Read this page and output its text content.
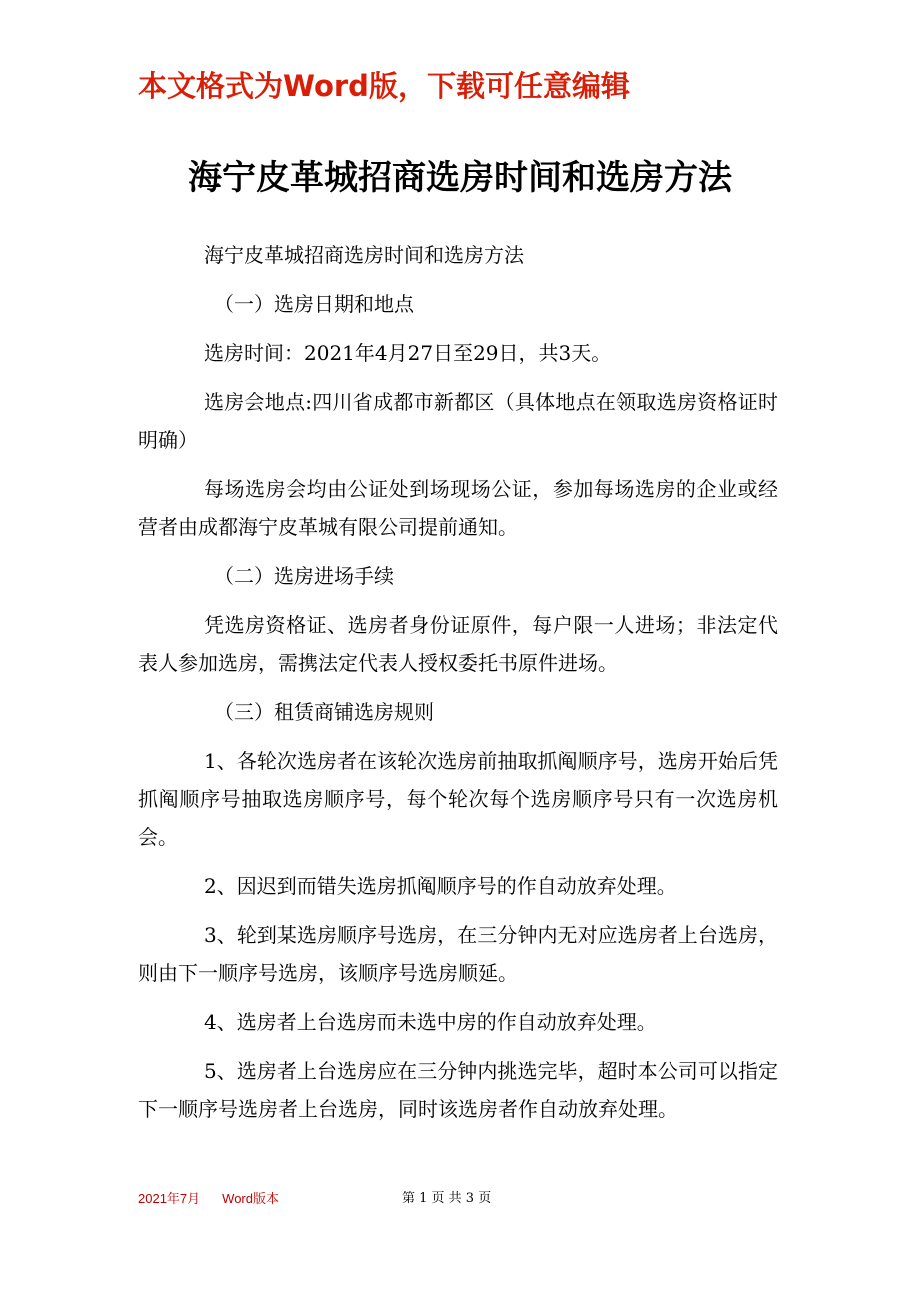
本文格式为Word版，下载可任意编辑
海宁皮革城招商选房时间和选房方法

海宁皮革城招商选房时间和选房方法

（一）选房日期和地点

选房时间：2021年4月27日至29日，共3天。

选房会地点:四川省成都市新都区（具体地点在领取选房资格证时明确）

每场选房会均由公证处到场现场公证，参加每场选房的企业或经营者由成都海宁皮革城有限公司提前通知。

（二）选房进场手续

凭选房资格证、选房者身份证原件，每户限一人进场；非法定代表人参加选房，需携法定代表人授权委托书原件进场。

（三）租赁商铺选房规则

1、各轮次选房者在该轮次选房前抽取抓阄顺序号，选房开始后凭抓阄顺序号抽取选房顺序号，每个轮次每个选房顺序号只有一次选房机会。

2、因迟到而错失选房抓阄顺序号的作自动放弃处理。

3、轮到某选房顺序号选房，在三分钟内无对应选房者上台选房，则由下一顺序号选房，该顺序号选房顺延。

4、选房者上台选房而未选中房的作自动放弃处理。

5、选房者上台选房应在三分钟内挑选完毕，超时本公司可以指定下一顺序号选房者上台选房，同时该选房者作自动放弃处理。

2021年7月 Word版本	第 1 页 共 3 页
